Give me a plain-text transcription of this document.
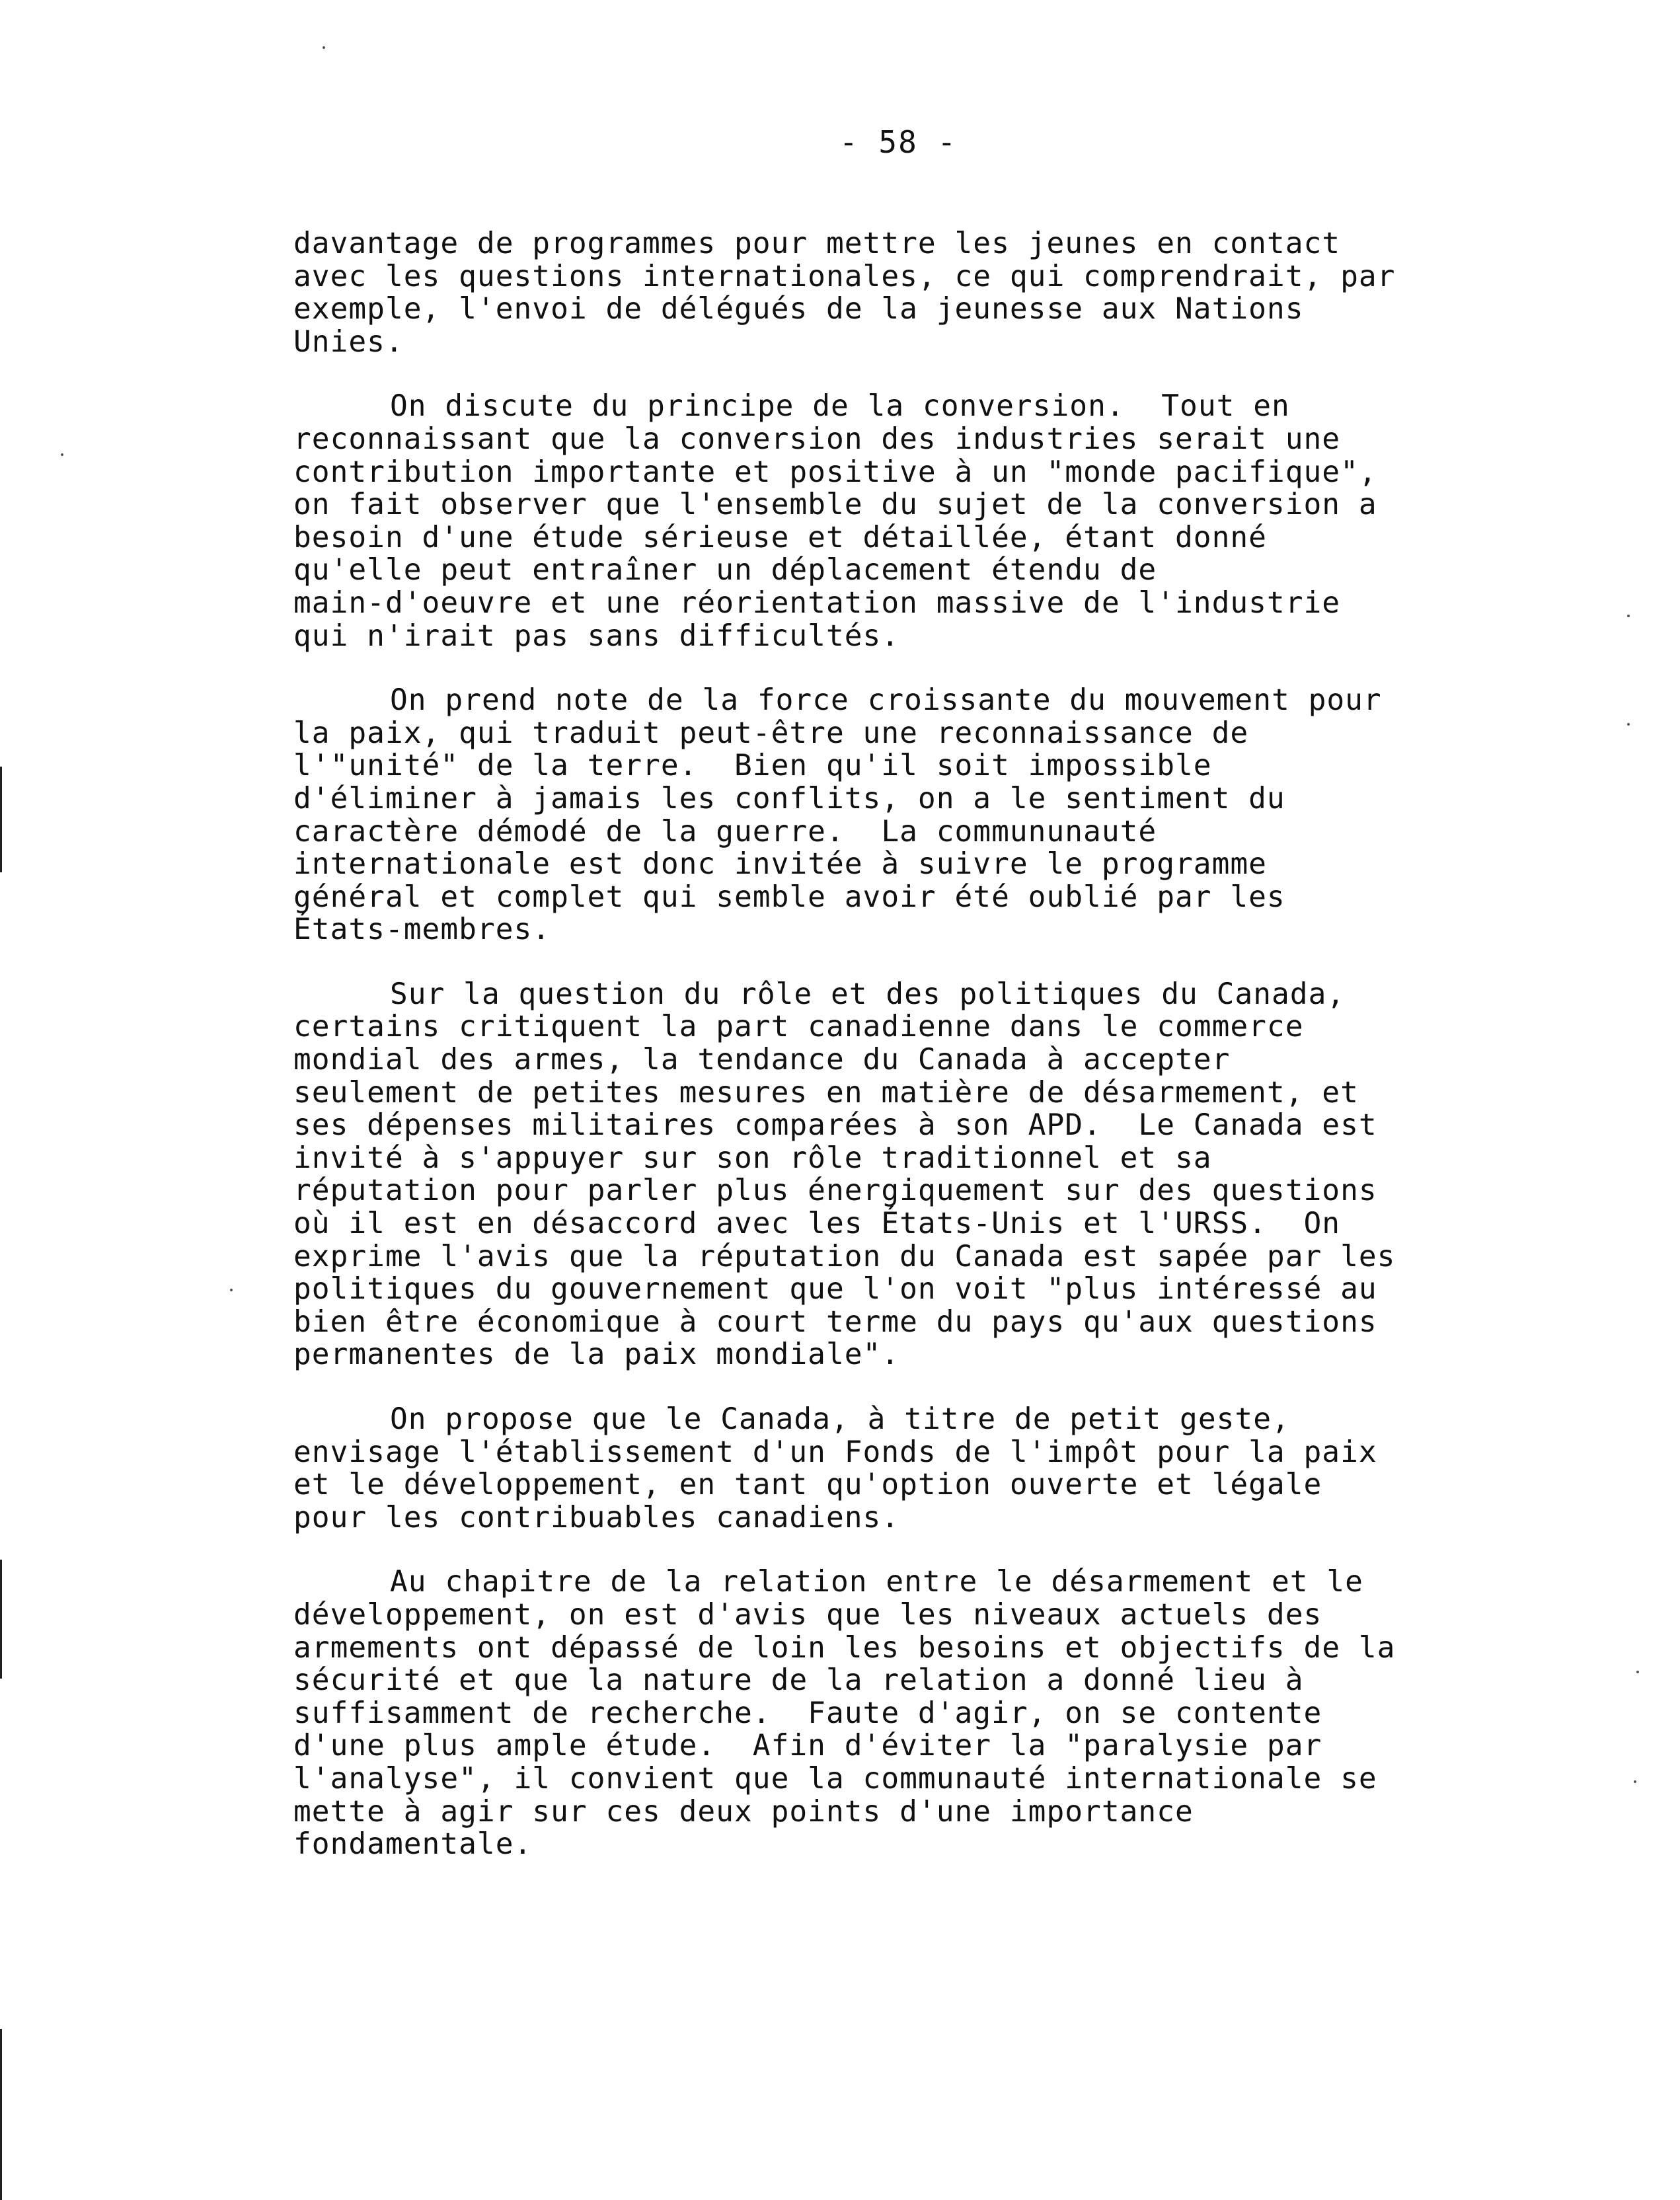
- 58 -
davantage de programmes pour mettre les jeunes en contact
avec les questions internationales, ce qui comprendrait, par
exemple, l'envoi de délégués de la jeunesse aux Nations
Unies.
On discute du principe de la conversion.  Tout en
reconnaissant que la conversion des industries serait une
contribution importante et positive à un "monde pacifique",
on fait observer que l'ensemble du sujet de la conversion a
besoin d'une étude sérieuse et détaillée, étant donné
qu'elle peut entraîner un déplacement étendu de
main-d'oeuvre et une réorientation massive de l'industrie
qui n'irait pas sans difficultés.
On prend note de la force croissante du mouvement pour
la paix, qui traduit peut-être une reconnaissance de
l'"unité" de la terre.  Bien qu'il soit impossible
d'éliminer à jamais les conflits, on a le sentiment du
caractère démodé de la guerre.  La commununauté
internationale est donc invitée à suivre le programme
général et complet qui semble avoir été oublié par les
États-membres.
Sur la question du rôle et des politiques du Canada,
certains critiquent la part canadienne dans le commerce
mondial des armes, la tendance du Canada à accepter
seulement de petites mesures en matière de désarmement, et
ses dépenses militaires comparées à son APD.  Le Canada est
invité à s'appuyer sur son rôle traditionnel et sa
réputation pour parler plus énergiquement sur des questions
où il est en désaccord avec les États-Unis et l'URSS.  On
exprime l'avis que la réputation du Canada est sapée par les
politiques du gouvernement que l'on voit "plus intéressé au
bien être économique à court terme du pays qu'aux questions
permanentes de la paix mondiale".
On propose que le Canada, à titre de petit geste,
envisage l'établissement d'un Fonds de l'impôt pour la paix
et le développement, en tant qu'option ouverte et légale
pour les contribuables canadiens.
Au chapitre de la relation entre le désarmement et le
développement, on est d'avis que les niveaux actuels des
armements ont dépassé de loin les besoins et objectifs de la
sécurité et que la nature de la relation a donné lieu à
suffisamment de recherche.  Faute d'agir, on se contente
d'une plus ample étude.  Afin d'éviter la "paralysie par
l'analyse", il convient que la communauté internationale se
mette à agir sur ces deux points d'une importance
fondamentale.
